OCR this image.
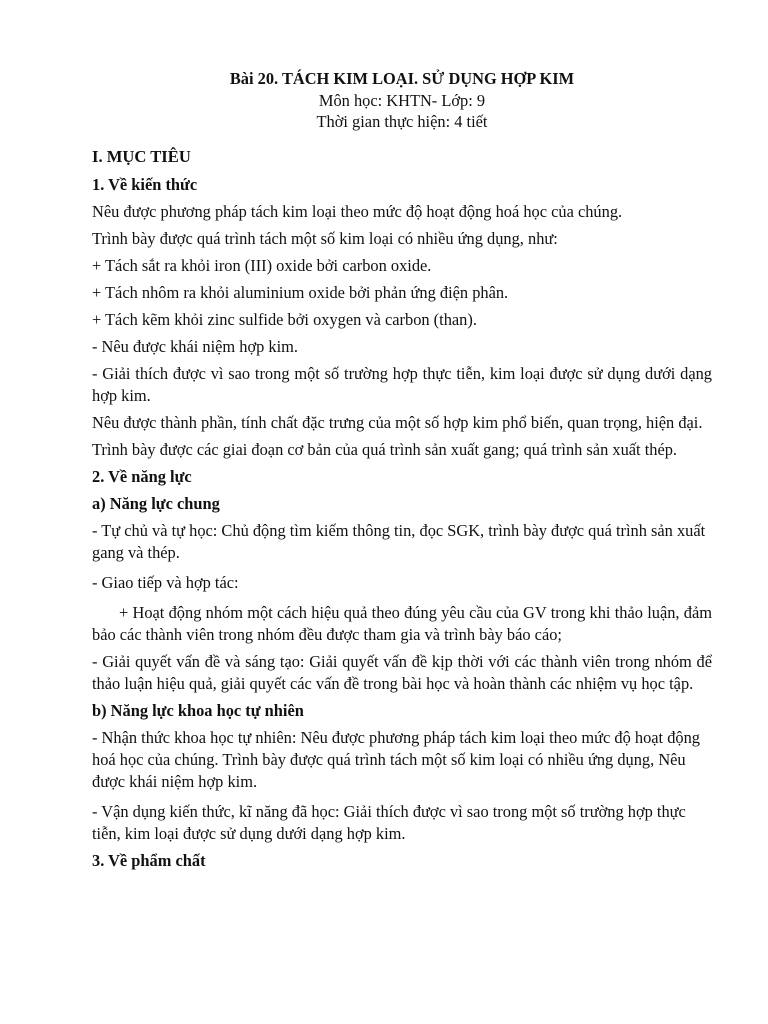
Bài 20. TÁCH KIM LOẠI. SỬ DỤNG HỢP KIM

Môn học: KHTN- Lớp: 9

Thời gian thực hiện: 4 tiết

I. MỤC TIÊU
1. Về kiến thức

Nêu được phương pháp tách kim loại theo mức độ hoạt động hoá học của chúng.

Trình bày được quá trình tách một số kim loại có nhiều ứng dụng, như:

+ Tách sắt ra khỏi iron (III) oxide bởi carbon oxide.

+ Tách nhôm ra khỏi aluminium oxide bởi phản ứng điện phân.

+ Tách kẽm khỏi zinc sulfide bởi oxygen và carbon (than).

- Nêu được khái niệm hợp kim.

- Giải thích được vì sao trong một số trường hợp thực tiễn, kim loại được sử dụng dưới dạng hợp kim.

Nêu được thành phần, tính chất đặc trưng của một số hợp kim phổ biến, quan trọng, hiện đại.

Trình bày được các giai đoạn cơ bản của quá trình sản xuất gang; quá trình sản xuất thép.

2. Về năng lực
a) Năng lực chung

- Tự chủ và tự học: Chủ động tìm kiếm thông tin, đọc SGK, trình bày được quá trình sản xuất gang và thép.

- Giao tiếp và hợp tác:

+ Hoạt động nhóm một cách hiệu quả theo đúng yêu cầu của GV trong khi thảo luận, đảm bảo các thành viên trong nhóm đều được tham gia và trình bày báo cáo;

- Giải quyết vấn đề và sáng tạo: Giải quyết vấn đề kịp thời với các thành viên trong nhóm để thảo luận hiệu quả, giải quyết các vấn đề trong bài học và hoàn thành các nhiệm vụ học tập.

b) Năng lực khoa học tự nhiên

- Nhận thức khoa học tự nhiên: Nêu được phương pháp tách kim loại theo mức độ hoạt động hoá học của chúng. Trình bày được quá trình tách một số kim loại có nhiều ứng dụng, Nêu được khái niệm hợp kim.

- Vận dụng kiến thức, kĩ năng đã học: Giải thích được vì sao trong một số trường hợp thực tiễn, kim loại được sử dụng dưới dạng hợp kim.

3. Về phẩm chất
